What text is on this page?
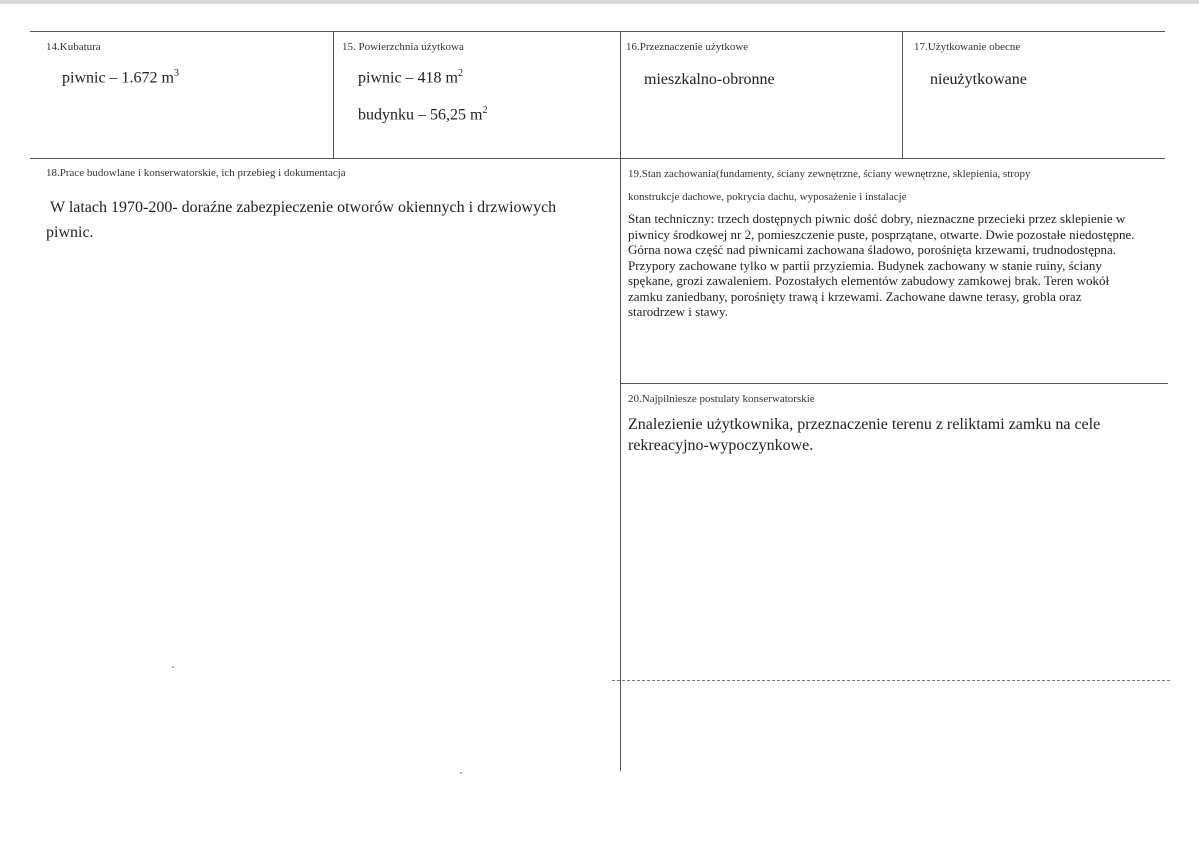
14.Kubatura
piwnic – 1.672 $m^3$
15. Powierzchnia użytkowa
piwnic – 418 $m^2$
budynku – 56,25 $m^2$
16.Przeznaczenie użytkowe
mieszkalno-obronne
17.Użytkowanie obecne
nieużytkowane
18.Prace budowlane i konserwatorskie, ich przebieg i dokumentacja
W latach 1970-200- doraźne zabezpieczenie otworów okiennych i drzwiowych piwnic.
19.Stan zachowania(fundamenty, ściany zewnętrzne, ściany wewnętrzne, sklepienia, stropy
konstrukcje dachowe, pokrycia dachu, wyposażenie i instalacje
Stan techniczny: trzech dostępnych piwnic dość dobry, nieznaczne przecieki przez sklepienie w piwnicy środkowej nr 2, pomieszczenie puste, posprzątane, otwarte. Dwie pozostałe niedostępne. Górna nowa część nad piwnicami zachowana śladowo, porośnięta krzewami, trudnodostępna. Przypory zachowane tylko w partii przyziemia. Budynek zachowany w stanie ruiny, ściany spękane, grozi zawaleniem. Pozostałych elementów zabudowy zamkowej brak. Teren wokół zamku zaniedbany, porośnięty trawą i krzewami. Zachowane dawne terasy, grobla oraz starodrzew i stawy.
20.Najpilniesze postulaty konserwatorskie
Znalezienie użytkownika, przeznaczenie terenu z reliktami zamku na cele rekreacyjno-wypoczynkowe.
